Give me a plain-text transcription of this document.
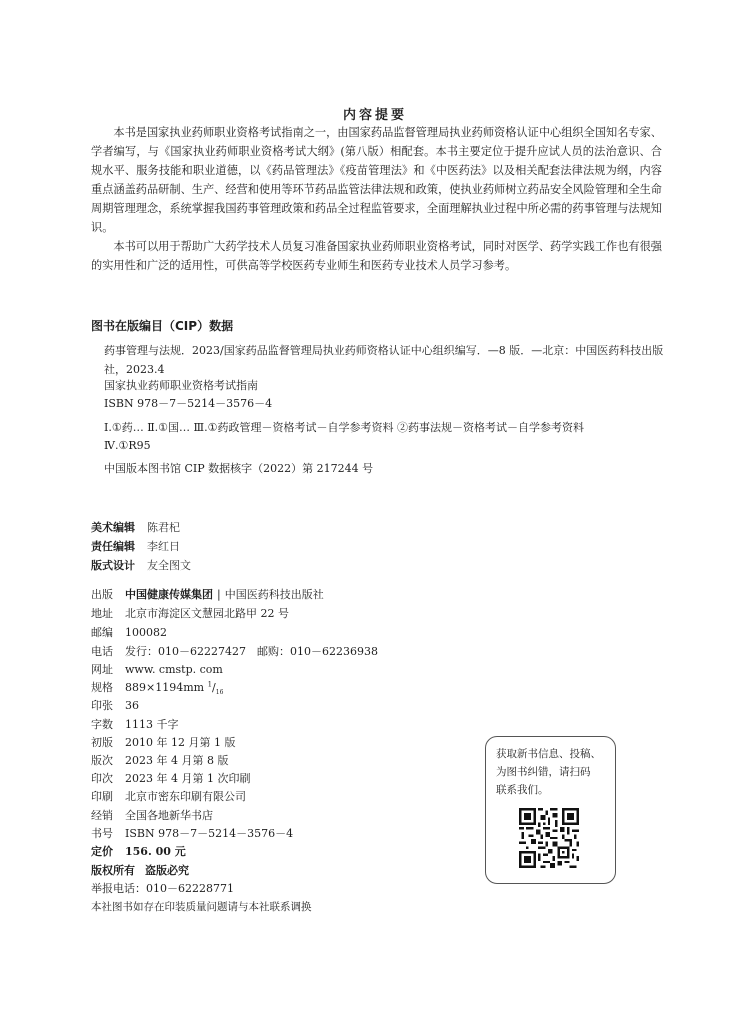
内容提要
本书是国家执业药师职业资格考试指南之一，由国家药品监督管理局执业药师资格认证中心组织全国知名专家、学者编写，与《国家执业药师职业资格考试大纲》(第八版）相配套。本书主要定位于提升应试人员的法治意识、合规水平、服务技能和职业道德，以《药品管理法》《疫苗管理法》和《中医药法》以及相关配套法律法规为纲，内容重点涵盖药品研制、生产、经营和使用等环节药品监管法律法规和政策，使执业药师树立药品安全风险管理和全生命周期管理理念，系统掌握我国药事管理政策和药品全过程监管要求，全面理解执业过程中所必需的药事管理与法规知识。
本书可以用于帮助广大药学技术人员复习准备国家执业药师职业资格考试，同时对医学、药学实践工作也有很强的实用性和广泛的适用性，可供高等学校医药专业师生和医药专业技术人员学习参考。
图书在版编目（CIP）数据
药事管理与法规．2023/国家药品监督管理局执业药师资格认证中心组织编写．—8 版．—北京：中国医药科技出版社，2023.4
国家执业药师职业资格考试指南
ISBN 978－7－5214－3576－4
Ⅰ.①药… Ⅱ.①国… Ⅲ.①药政管理－资格考试－自学参考资料 ②药事法规－资格考试－自学参考资料
Ⅳ.①R95
中国版本图书馆 CIP 数据核字（2022）第 217244 号
美术编辑 陈君杞
责任编辑 李红日
版式设计 友全图文
出版 中国健康传媒集团 | 中国医药科技出版社
地址 北京市海淀区文慧园北路甲 22 号
邮编 100082
电话 发行：010－62227427　邮购：010－62236938
网址 www. cmstp. com
规格 889×1194mm $^1/_{16}$
印张 36
字数 1113 千字
初版 2010 年 12 月第 1 版
版次 2023 年 4 月第 8 版
印次 2023 年 4 月第 1 次印刷
印刷 北京市密东印刷有限公司
经销 全国各地新华书店
书号 ISBN 978－7－5214－3576－4
定价 156. 00 元
版权所有 盗版必究
举报电话：010－62228771
本社图书如存在印装质量问题请与本社联系调换
获取新书信息、投稿、
为图书纠错，请扫码
联系我们。
